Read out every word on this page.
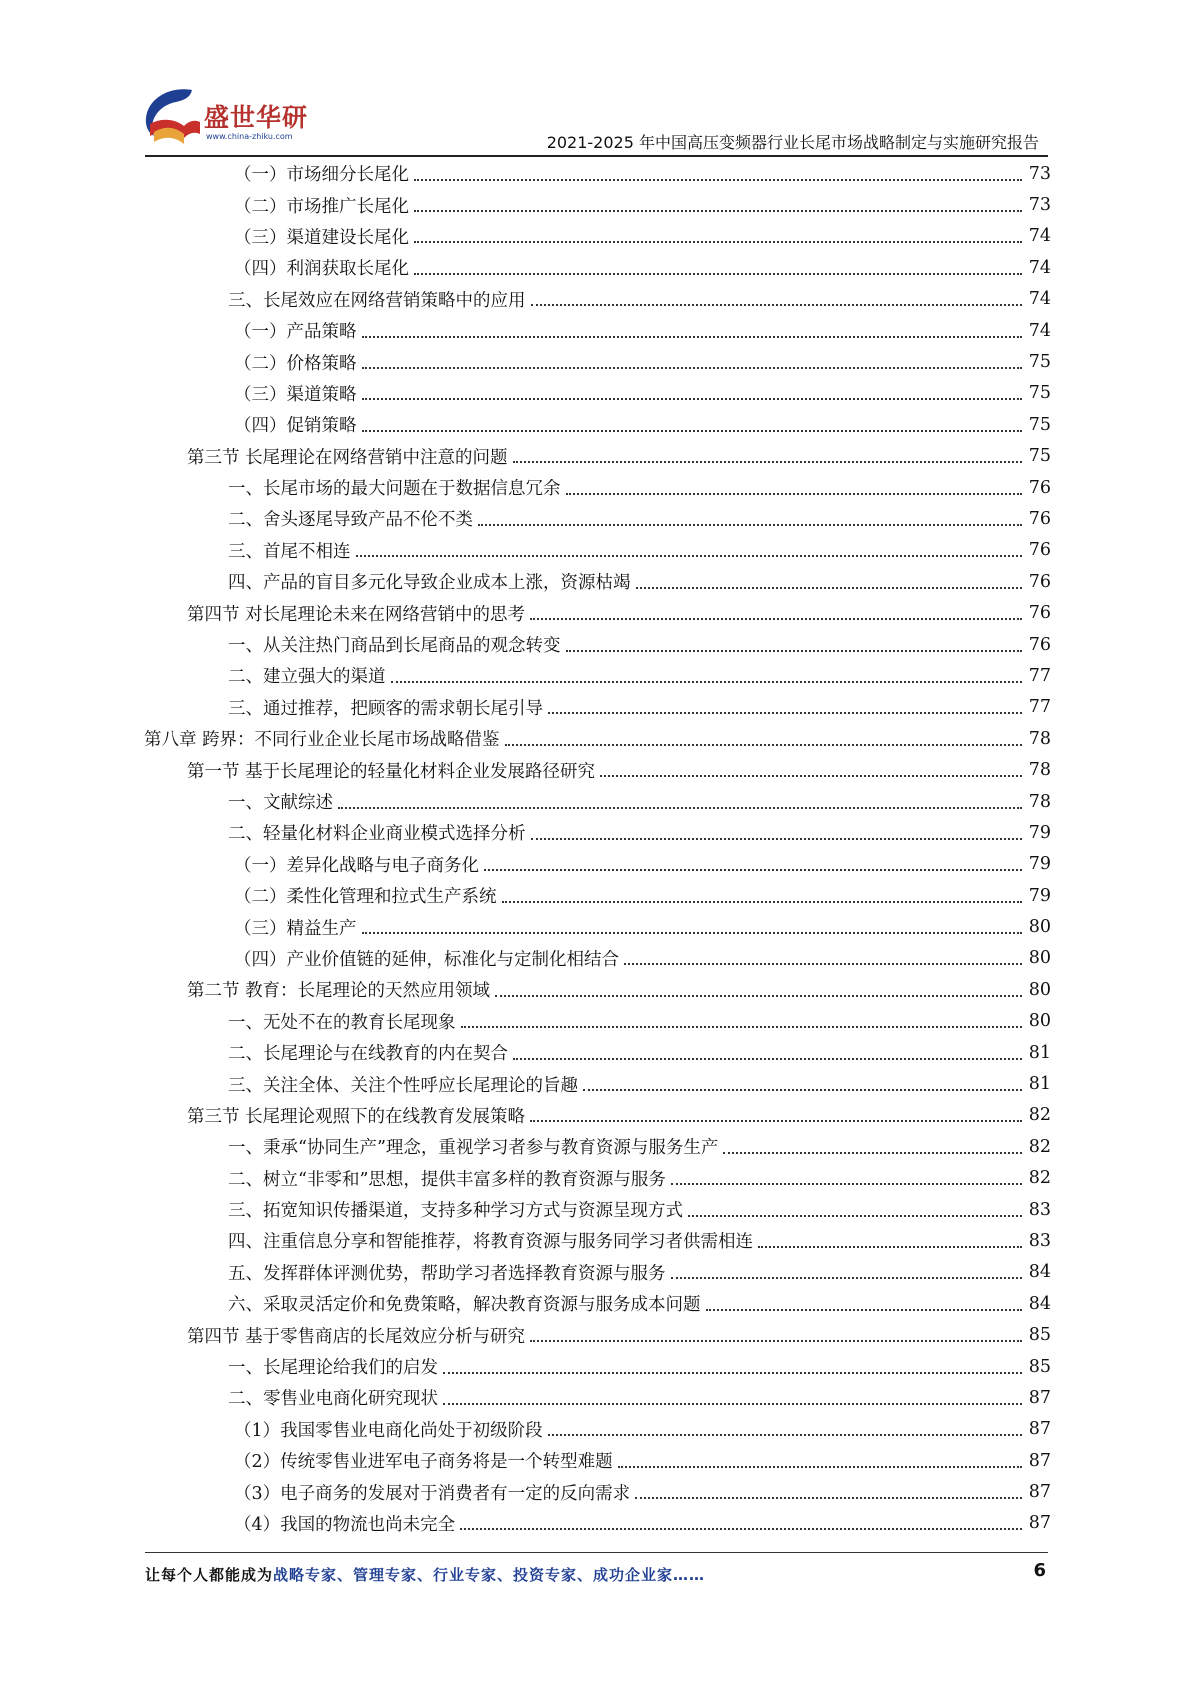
盛世华研
www.china-zhiku.com	2021-2025 年中国高压变频器行业长尾市场战略制定与实施研究报告
（一）市场细分长尾化	73
（二）市场推广长尾化	73
（三）渠道建设长尾化	74
（四）利润获取长尾化	74
三、长尾效应在网络营销策略中的应用	74
（一）产品策略	74
（二）价格策略	75
（三）渠道策略	75
（四）促销策略	75
第三节 长尾理论在网络营销中注意的问题	75
一、长尾市场的最大问题在于数据信息冗余	76
二、舍头逐尾导致产品不伦不类	76
三、首尾不相连	76
四、产品的盲目多元化导致企业成本上涨，资源枯竭	76
第四节 对长尾理论未来在网络营销中的思考	76
一、从关注热门商品到长尾商品的观念转变	76
二、建立强大的渠道	77
三、通过推荐，把顾客的需求朝长尾引导	77
第八章 跨界：不同行业企业长尾市场战略借鉴	78
第一节 基于长尾理论的轻量化材料企业发展路径研究	78
一、文献综述	78
二、轻量化材料企业商业模式选择分析	79
（一）差异化战略与电子商务化	79
（二）柔性化管理和拉式生产系统	79
（三）精益生产	80
（四）产业价值链的延伸，标准化与定制化相结合	80
第二节 教育：长尾理论的天然应用领域	80
一、无处不在的教育长尾现象	80
二、长尾理论与在线教育的内在契合	81
三、关注全体、关注个性呼应长尾理论的旨趣	81
第三节 长尾理论观照下的在线教育发展策略	82
一、秉承“协同生产”理念，重视学习者参与教育资源与服务生产	82
二、树立“非零和”思想，提供丰富多样的教育资源与服务	82
三、拓宽知识传播渠道，支持多种学习方式与资源呈现方式	83
四、注重信息分享和智能推荐，将教育资源与服务同学习者供需相连	83
五、发挥群体评测优势，帮助学习者选择教育资源与服务	84
六、采取灵活定价和免费策略，解决教育资源与服务成本问题	84
第四节 基于零售商店的长尾效应分析与研究	85
一、长尾理论给我们的启发	85
二、零售业电商化研究现状	87
（1）我国零售业电商化尚处于初级阶段	87
（2）传统零售业进军电子商务将是一个转型难题	87
（3）电子商务的发展对于消费者有一定的反向需求	87
（4）我国的物流也尚未完全	87
让每个人都能成为战略专家、管理专家、行业专家、投资专家、成功企业家……	6
